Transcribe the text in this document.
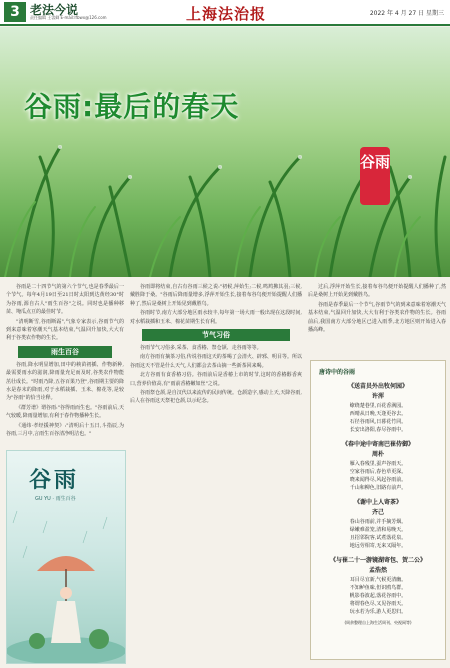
3 老法今说
责任编辑 王睿卿 E-mail:lfbwx@126.com	上海法治报	2022 年 4 月 27 日 星期三
谷雨:最后的春天
谷雨

谷雨是二十四节气的第六个节气,也是春季最后一个节气。每年4月19日至21日时太阳到达黄经30°时为谷雨,源自古人"雨生百谷"之说。同时也是播种移苗、埯瓜点豆的最佳时节。

"清明断雪,谷雨断霜",气象专家表示,谷雨节气的到来意味着寒潮天气基本结束,气温回升加快,大大有利于谷类农作物的生长。

雨生百谷

谷雨,降水明显增加,田中的秧苗初插、作物新种,最需要雨水的滋润,降雨量充足而及时,谷类农作物能茁壮成长。"时雨乃降,五谷百果乃登",谷雨期主要的降水是春末的降雨,对于水稻栽插、玉米、棉花等,是较为"谷雨"的恰当诠释。

《群芳谱》谓谷雨:"谷得雨而生也。"谷雨前后,天气较暖,降雨量增加,有利于春作物播种生长。

《通纬·孝经援神契》:"清明后十五日,斗指辰,为谷雨,三月中,言雨生百谷清净明洁也。"

谷雨
GU YU · 雨生百谷

谷雨即将结束,自古有谷雨三候之说:"初候,萍始生;二候,鸣鸠拂其羽;三候,戴胜降于桑。"谷雨后降雨量增多,浮萍开始生长,接着布谷鸟便开始提醒人们播种了,然后是桑树上开始见到戴胜鸟。

谷雨时节,南方大部分地区雨水较丰,每年第一场大雨一般出现在这段时间,对水稻栽插和玉米、棉花苗期生长有利。

节气习俗

谷雨节气习俗多,采茶、食香椿、祭仓颉、走谷雨等等。

南方谷雨有摘茶习俗,传说谷雨这天的茶喝了会清火、辟邪、明目等。所以谷雨这天不管是什么天气,人们都会去茶山摘一些新茶回来喝。

北方谷雨有食香椿习俗。谷雨前后是香椿上市的时节,这时的香椿醇香爽口,营养价值高,有"雨前香椿嫩如丝"之说。

谷雨祭仓颉,是自汉代以来流传的民间传统。仓颉造字,感动上天,天降谷雨,后人在谷雨这天祭祀仓颉,以示纪念。

过后,浮萍开始生长,接着布谷鸟便开始提醒人们播种了,然后是桑树上开始见到戴胜鸟。

谷雨是春季最后一个节气,谷雨节气的到来意味着寒潮天气基本结束,气温回升加快,大大有利于谷类农作物的生长。谷雨前后,我国南方大部分地区已进入雨季,北方地区则开始进入春播高峰。

唐诗中的谷雨
《送苗员外出牧何园》
许浑
缭绕楚巷里,百花香满园。
西晴从日晚,天逢更谷去。
石径谷雨风,日暮花竹同。
长安出洛阳,春尽谷雨中。
《春中途中寄南巴崔侍御》
周朴
雁入春残里,蚕声谷雨天。
空家谷雨后,春色草更深。
晓来闻得尽,风起谷雨前。
千山和柳色,旧路有前声。
《谢中上人寄茶》
齐己
春山谷雨前,并手摘芳烟。
绿嫩难盈笼,清和易晚天。
且招邻院客,试煮落花泉。
地远劳相寄,无来又隔年。
《与崔二十一游镜湖寄包、贺二公》
孟浩然
耳目尽宜新,气候更清幽。
不知鲈鱼味,但识鸥鸟群。
帆影春波起,落花谷雨中。
将谓春色尽,又见谷雨天。
玩水若为乐,游人更思归。
(周余整理自上海生活周刊、央视网等)
